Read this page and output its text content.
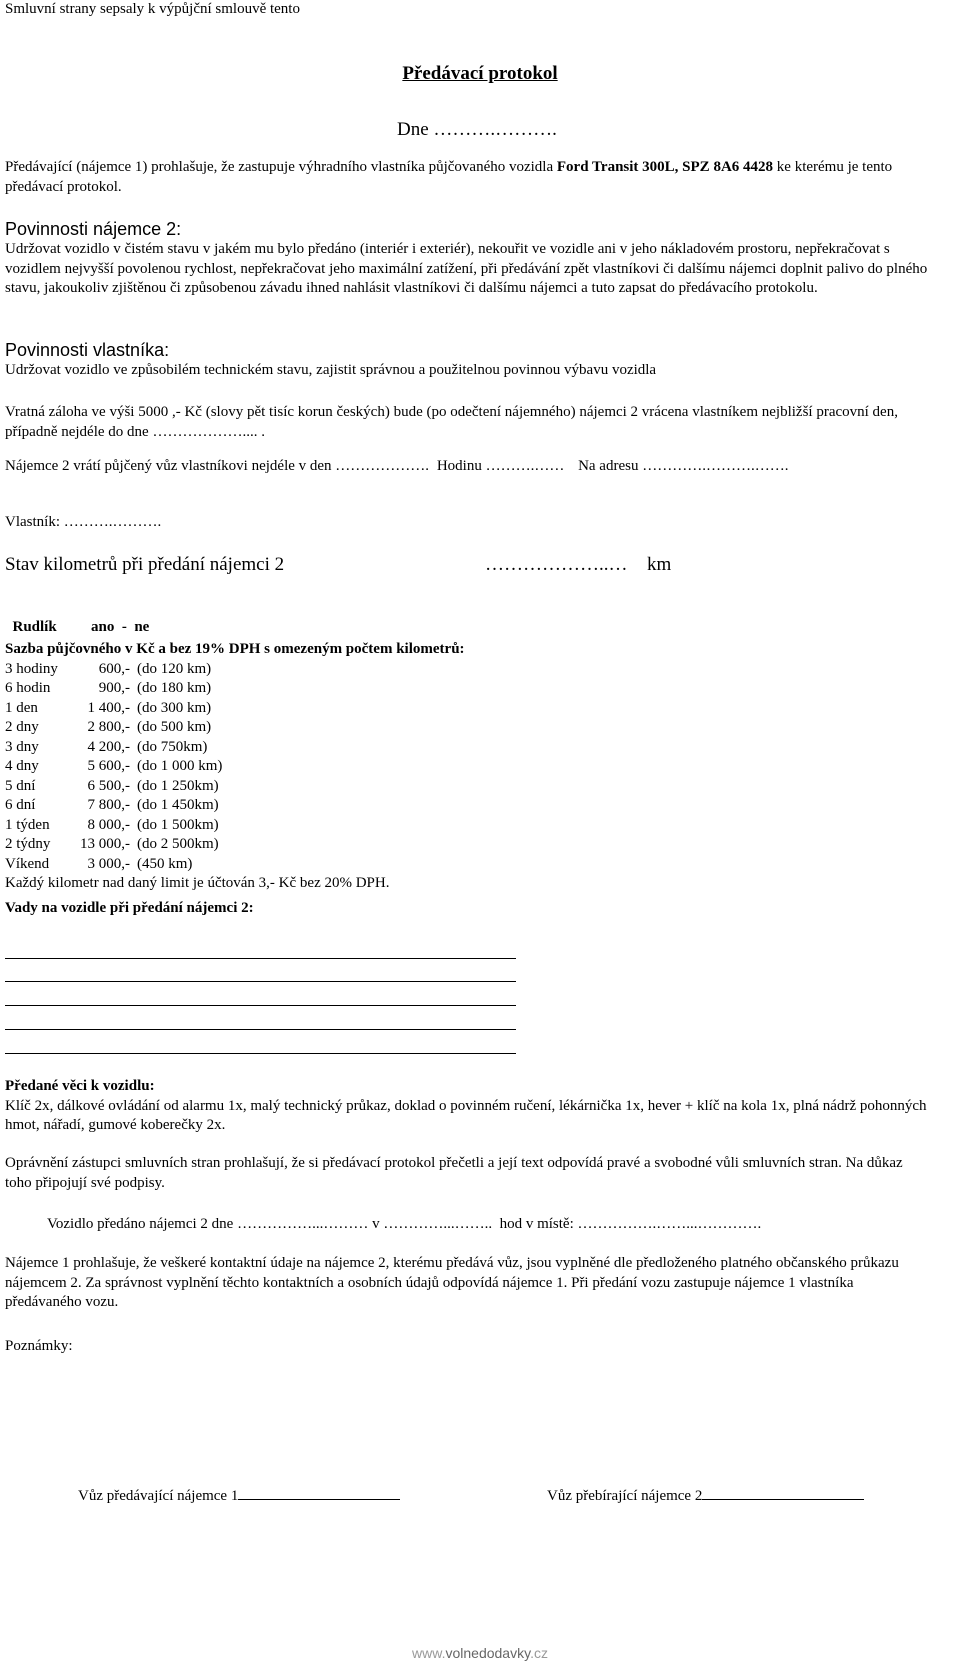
Smluvní strany sepsaly k výpůjční smlouvě tento
Předávací protokol
Dne ……….……….

Předávající (nájemce 1) prohlašuje, že zastupuje výhradního vlastníka půjčovaného vozidla Ford Transit 300L, SPZ 8A6 4428 ke kterému je tento předávací protokol.

Povinnosti nájemce 2:

Udržovat vozidlo v čistém stavu v jakém mu bylo předáno (interiér i exteriér), nekouřit ve vozidle ani v jeho nákladovém prostoru, nepřekračovat s vozidlem nejvyšší povolenou rychlost, nepřekračovat jeho maximální zatížení, při předávání zpět vlastníkovi či dalšímu nájemci doplnit palivo do plného stavu, jakoukoliv zjištěnou či způsobenou závadu ihned nahlásit vlastníkovi či dalšímu nájemci a tuto zapsat do předávacího protokolu.

Povinnosti vlastníka:

Udržovat vozidlo ve způsobilém technickém stavu, zajistit správnou a použitelnou povinnou výbavu vozidla

Vratná záloha ve výši 5000 ,- Kč (slovy pět tisíc korun českých) bude (po odečtení nájemného) nájemci 2 vrácena vlastníkem nejbližší pracovní den, případně nejdéle do dne ……………….... .

Nájemce 2 vrátí půjčený vůz vlastníkovi nejdéle v den ………………. Hodinu ……….…… Na adresu ………….……….…….
Vlastník: ……….……….
Stav kilometrů při předání nájemci 2	………………..… km

Rudlík ano  -  ne

Sazba půjčovného v Kč a bez 19% DPH s omezeným počtem kilometrů:

3 hodiny	600,- (do 120 km)
6 hodin	900,- (do 180 km)
1 den	1 400,- (do 300 km)
2 dny	2 800,- (do 500 km)
3 dny	4 200,- (do 750km)
4 dny	5 600,- (do 1 000 km)
5 dní	6 500,- (do 1 250km)
6 dní	7 800,- (do 1 450km)
1 týden	8 000,- (do 1 500km)
2 týdny 13 000,- (do 2 500km)
Víkend	3 000,- (450 km)

Každý kilometr nad daný limit je účtován 3,- Kč bez 20% DPH.

Vady na vozidle při předání nájemci 2:

Předané věci k vozidlu:

Klíč 2x, dálkové ovládání od alarmu 1x, malý technický průkaz, doklad o povinném ručení, lékárnička 1x, hever + klíč na kola 1x, plná nádrž pohonných hmot, nářadí, gumové koberečky 2x.

Oprávnění zástupci smluvních stran prohlašují, že si předávací protokol přečetli a její text odpovídá pravé a svobodné vůli smluvních stran. Na důkaz toho připojují své podpisy.

Vozidlo předáno nájemci 2 dne ……………...……… v …………...……..  hod v místě: …………….……...………….

Nájemce 1 prohlašuje, že veškeré kontaktní údaje na nájemce 2, kterému předává vůz, jsou vyplněné dle předloženého platného občanského průkazu nájemcem 2. Za správnost vyplnění těchto kontaktních a osobních údajů odpovídá nájemce 1. Při předání vozu zastupuje nájemce 1 vlastníka předávaného vozu.

Poznámky:
Vůz předávající nájemce 1	Vůz přebírající nájemce 2
www.volnedodavky.cz
